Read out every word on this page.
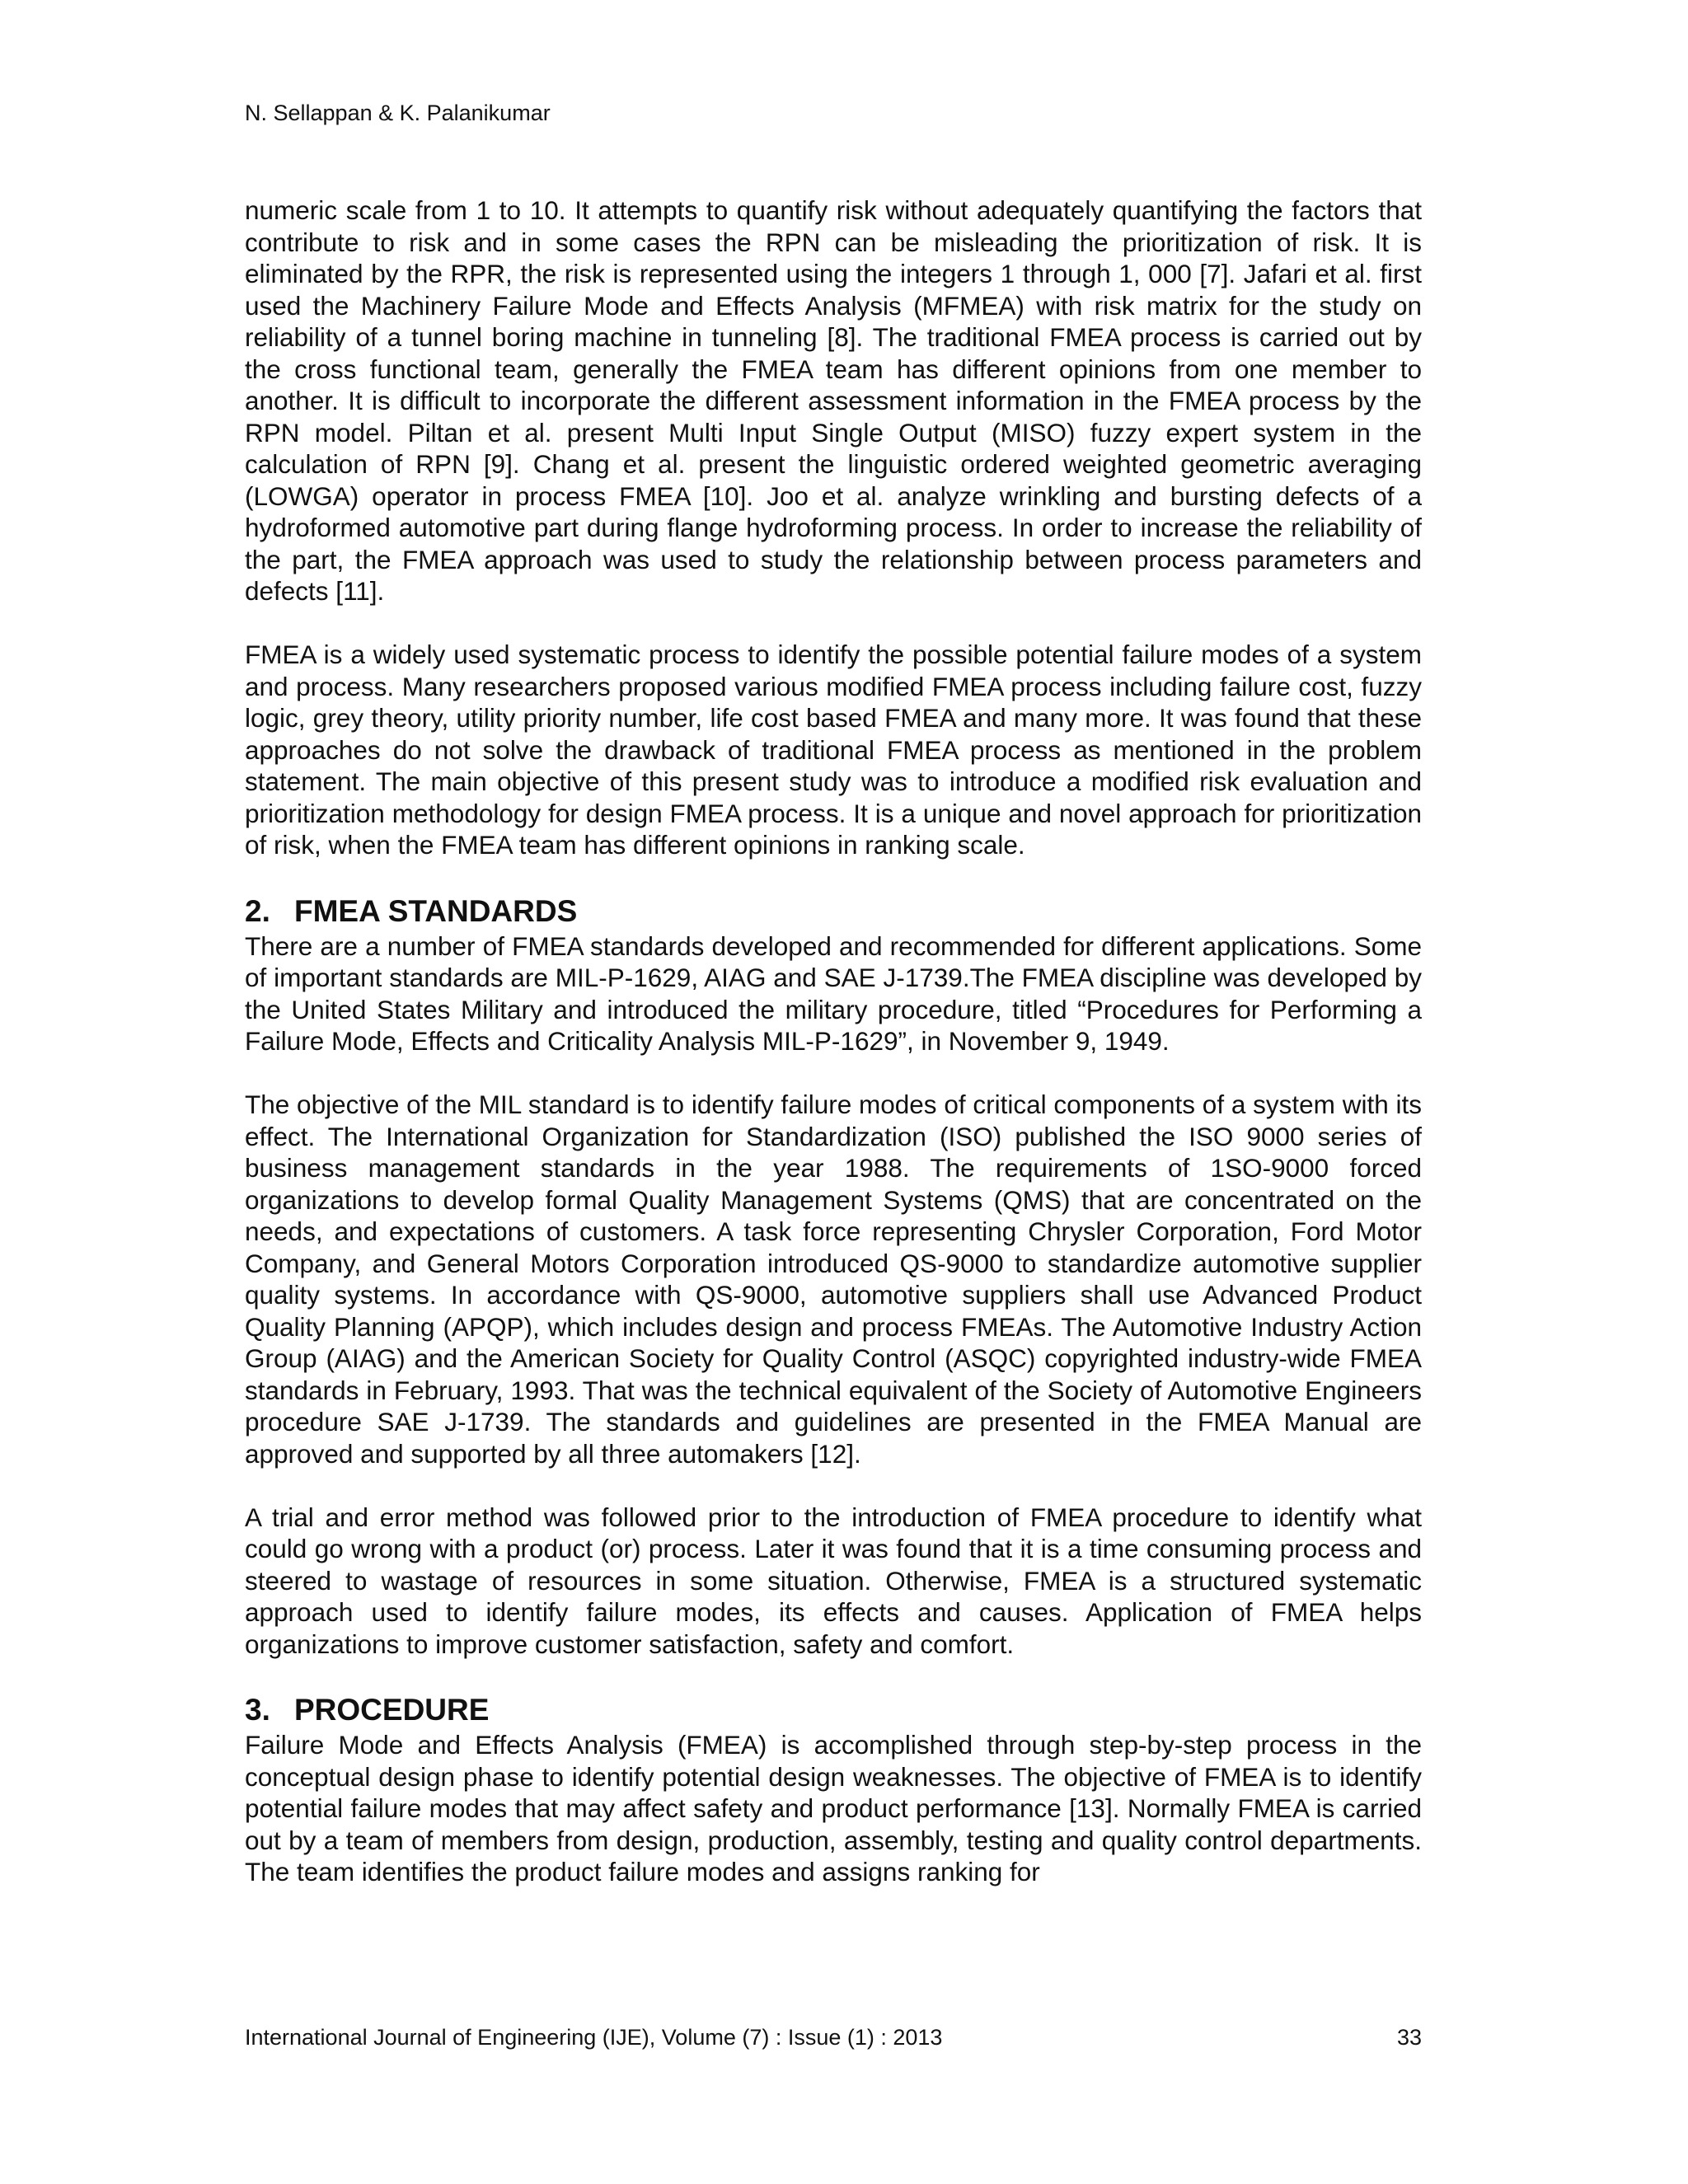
N. Sellappan & K. Palanikumar

numeric scale from 1 to 10. It attempts to quantify risk without adequately quantifying the factors that contribute to risk and in some cases the RPN can be misleading the prioritization of risk. It is eliminated by the RPR, the risk is represented using the integers 1 through 1, 000 [7]. Jafari et al. first used the Machinery Failure Mode and Effects Analysis (MFMEA) with risk matrix for the study on reliability of a tunnel boring machine in tunneling [8]. The traditional FMEA process is carried out by the cross functional team, generally the FMEA team has different opinions from one member to another. It is difficult to incorporate the different assessment information in the FMEA process by the RPN model. Piltan et al. present Multi Input Single Output (MISO) fuzzy expert system in the calculation of RPN [9]. Chang et al. present the linguistic ordered weighted geometric averaging (LOWGA) operator in process FMEA [10]. Joo et al. analyze wrinkling and bursting defects of a hydroformed automotive part during flange hydroforming process. In order to increase the reliability of the part, the FMEA approach was used to study the relationship between process parameters and defects [11].

FMEA is a widely used systematic process to identify the possible potential failure modes of a system and process. Many researchers proposed various modified FMEA process including failure cost, fuzzy logic, grey theory, utility priority number, life cost based FMEA and many more. It was found that these approaches do not solve the drawback of traditional FMEA process as mentioned in the problem statement. The main objective of this present study was to introduce a modified risk evaluation and prioritization methodology for design FMEA process. It is a unique and novel approach for prioritization of risk, when the FMEA team has different opinions in ranking scale.

2. FMEA STANDARDS

There are a number of FMEA standards developed and recommended for different applications. Some of important standards are MIL-P-1629, AIAG and SAE J-1739.The FMEA discipline was developed by the United States Military and introduced the military procedure, titled “Procedures for Performing a Failure Mode, Effects and Criticality Analysis MIL-P-1629”, in November 9, 1949.

The objective of the MIL standard is to identify failure modes of critical components of a system with its effect. The International Organization for Standardization (ISO) published the ISO 9000 series of business management standards in the year 1988. The requirements of 1SO-9000 forced organizations to develop formal Quality Management Systems (QMS) that are concentrated on the needs, and expectations of customers. A task force representing Chrysler Corporation, Ford Motor Company, and General Motors Corporation introduced QS-9000 to standardize automotive supplier quality systems. In accordance with QS-9000, automotive suppliers shall use Advanced Product Quality Planning (APQP), which includes design and process FMEAs. The Automotive Industry Action Group (AIAG) and the American Society for Quality Control (ASQC) copyrighted industry-wide FMEA standards in February, 1993. That was the technical equivalent of the Society of Automotive Engineers procedure SAE J-1739. The standards and guidelines are presented in the FMEA Manual are approved and supported by all three automakers [12].

A trial and error method was followed prior to the introduction of FMEA procedure to identify what could go wrong with a product (or) process. Later it was found that it is a time consuming process and steered to wastage of resources in some situation. Otherwise, FMEA is a structured systematic approach used to identify failure modes, its effects and causes. Application of FMEA helps organizations to improve customer satisfaction, safety and comfort.

3. PROCEDURE

Failure Mode and Effects Analysis (FMEA) is accomplished through step-by-step process in the conceptual design phase to identify potential design weaknesses. The objective of FMEA is to identify potential failure modes that may affect safety and product performance [13]. Normally FMEA is carried out by a team of members from design, production, assembly, testing and quality control departments. The team identifies the product failure modes and assigns ranking for

International Journal of Engineering (IJE), Volume (7) : Issue (1) : 2013	33
